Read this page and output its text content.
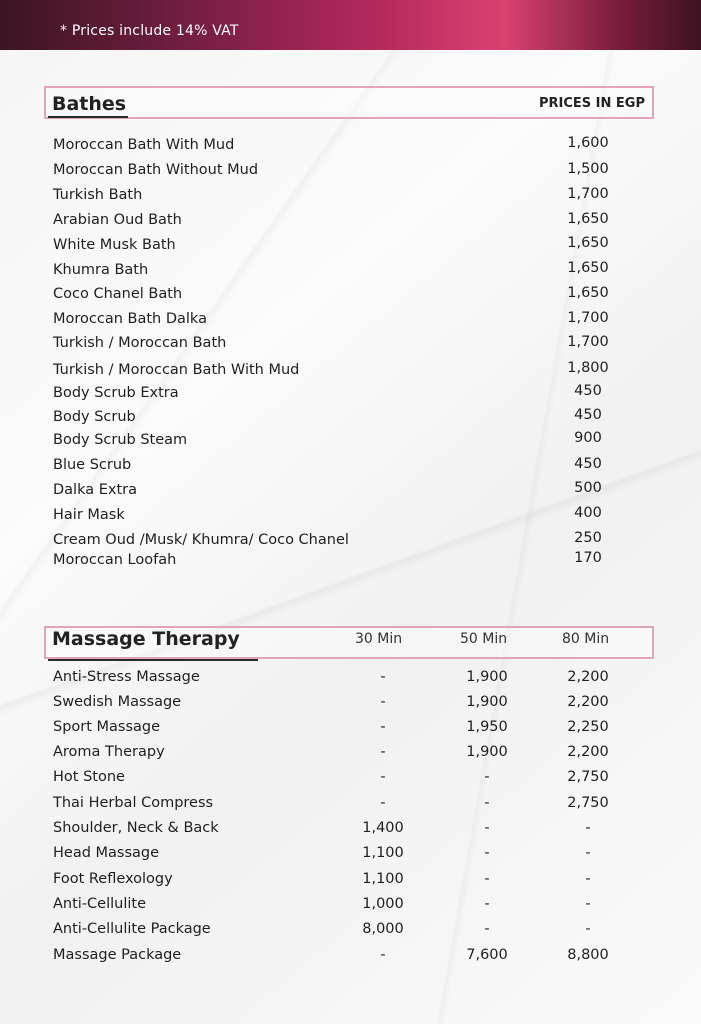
* Prices include 14% VAT
Bathes	PRICES IN EGP
Moroccan Bath With Mud	1,600
Moroccan Bath Without Mud	1,500
Turkish Bath	1,700
Arabian Oud Bath	1,650
White Musk Bath	1,650
Khumra Bath	1,650
Coco Chanel Bath	1,650
Moroccan Bath Dalka	1,700
Turkish / Moroccan Bath	1,700
Turkish / Moroccan Bath With Mud	1,800
Body Scrub Extra	450
Body Scrub	450
Body Scrub Steam	900
Blue Scrub	450
Dalka Extra	500
Hair Mask	400
Cream Oud /Musk/ Khumra/ Coco Chanel	250
Moroccan Loofah	170
Massage Therapy	30 Min	50 Min	80 Min
Anti-Stress Massage	-	1,900	2,200
Swedish Massage	-	1,900	2,200
Sport Massage	-	1,950	2,250
Aroma Therapy	-	1,900	2,200
Hot Stone	-	-	2,750
Thai Herbal Compress	-	-	2,750
Shoulder, Neck & Back	1,400	-	-
Head Massage	1,100	-	-
Foot Reflexology	1,100	-	-
Anti-Cellulite	1,000	-	-
Anti-Cellulite Package	8,000	-	-
Massage Package	-	7,600	8,800
